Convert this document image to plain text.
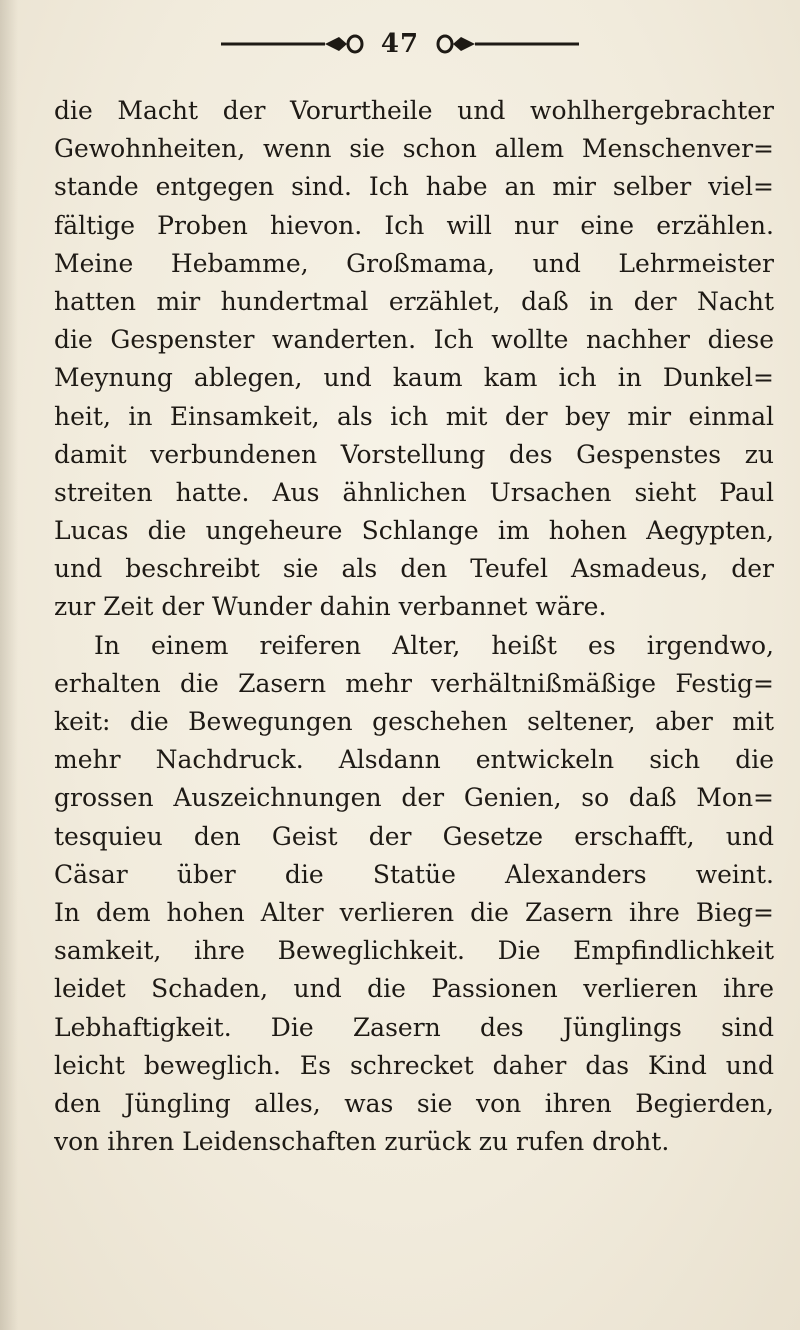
47
die Macht der Vorurtheile und wohlhergebrachter
Gewohnheiten, wenn sie schon allem Menschenver=
stande entgegen sind. Ich habe an mir selber viel=
fältige Proben hievon. Ich will nur eine erzählen.
Meine Hebamme, Großmama, und Lehrmeister
hatten mir hundertmal erzählet, daß in der Nacht
die Gespenster wanderten. Ich wollte nachher diese
Meynung ablegen, und kaum kam ich in Dunkel=
heit, in Einsamkeit, als ich mit der bey mir einmal
damit verbundenen Vorstellung des Gespenstes zu
streiten hatte. Aus ähnlichen Ursachen sieht Paul
Lucas die ungeheure Schlange im hohen Aegypten,
und beschreibt sie als den Teufel Asmadeus, der
zur Zeit der Wunder dahin verbannet wäre.
In einem reiferen Alter, heißt es irgendwo,
erhalten die Zasern mehr verhältnißmäßige Festig=
keit: die Bewegungen geschehen seltener, aber mit
mehr Nachdruck. Alsdann entwickeln sich die
grossen Auszeichnungen der Genien, so daß Mon=
tesquieu den Geist der Gesetze erschafft, und
Cäsar über die Statüe Alexanders weint.
In dem hohen Alter verlieren die Zasern ihre Bieg=
samkeit, ihre Beweglichkeit. Die Empfindlichkeit
leidet Schaden, und die Passionen verlieren ihre
Lebhaftigkeit. Die Zasern des Jünglings sind
leicht beweglich. Es schrecket daher das Kind und
den Jüngling alles, was sie von ihren Begierden,
von ihren Leidenschaften zurück zu rufen droht.
